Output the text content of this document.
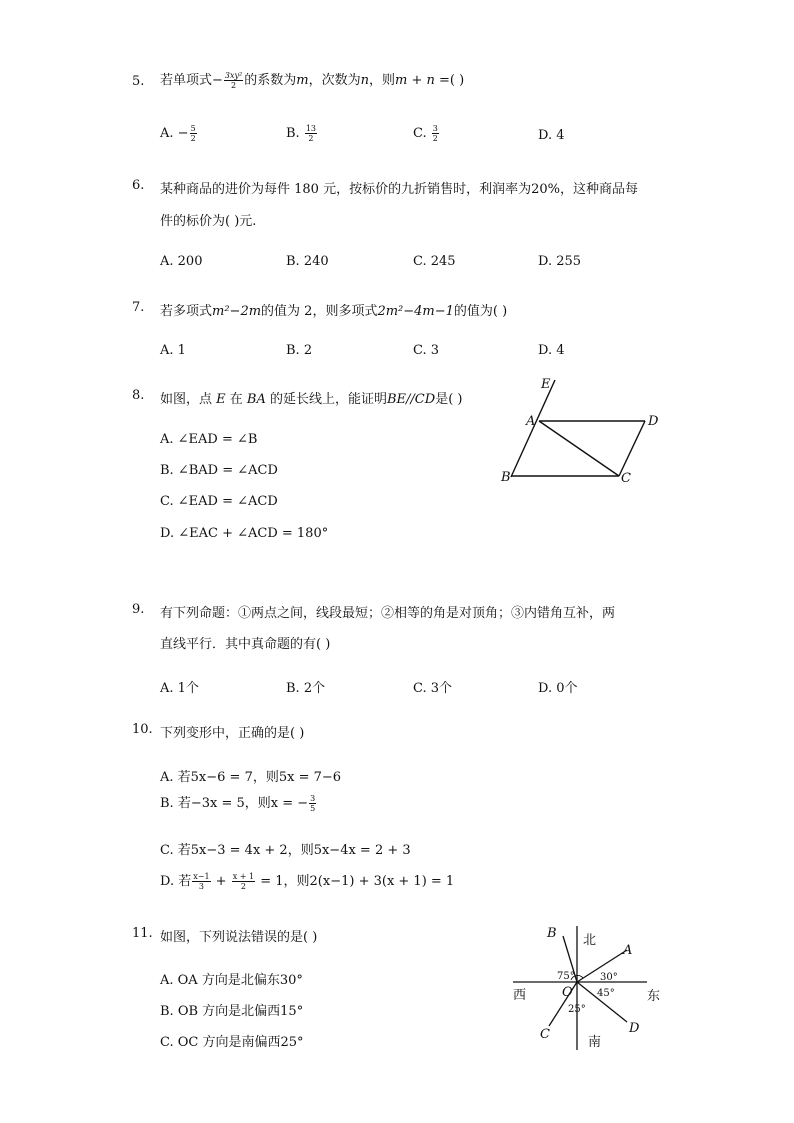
5. 若单项式− $\frac{\text{3xy²}}{2}$ 的系数为m，次数为n，则m + n =( )
A. − $\frac{5}{2}$	B. $\frac{13}{2}$	C. $\frac{3}{2}$	D. 4
6. 某种商品的进价为每件 180 元，按标价的九折销售时，利润率为20%，这种商品每
件的标价为( )元.
A. 200	B. 240	C. 245	D. 255
7. 若多项式m²−2m的值为 2，则多项式2m²−4m−1的值为( )
A. 1	B. 2	C. 3	D. 4
8. 如图，点 E 在 BA 的延长线上，能证明BE//CD是( )
A. ∠EAD = ∠B
B. ∠BAD = ∠ACD
C. ∠EAD = ∠ACD
D. ∠EAC + ∠ACD = 180°
E
A	D
B	C
9. 有下列命题：①两点之间，线段最短；②相等的角是对顶角；③内错角互补，两
直线平行．其中真命题的有( )
A. 1个	B. 2个	C. 3个	D. 0个
10. 下列变形中，正确的是( )
A. 若5x−6 = 7，则5x = 7−6
B. 若−3x = 5，则x = − $\frac{3}{5}$
C. 若5x−3 = 4x + 2，则5x−4x = 2 + 3
D. 若 $\frac{x-1}{3} + \frac{x + 1}{2} = 1$，则2(x−1) + 3(x + 1) = 1
11. 如图，下列说法错误的是( )
A. OA 方向是北偏东30°
B. OB 方向是北偏西15°
C. OC 方向是南偏西25°
北
南
西	东
A
B
C	D
O
75°	30°
45°
25°
